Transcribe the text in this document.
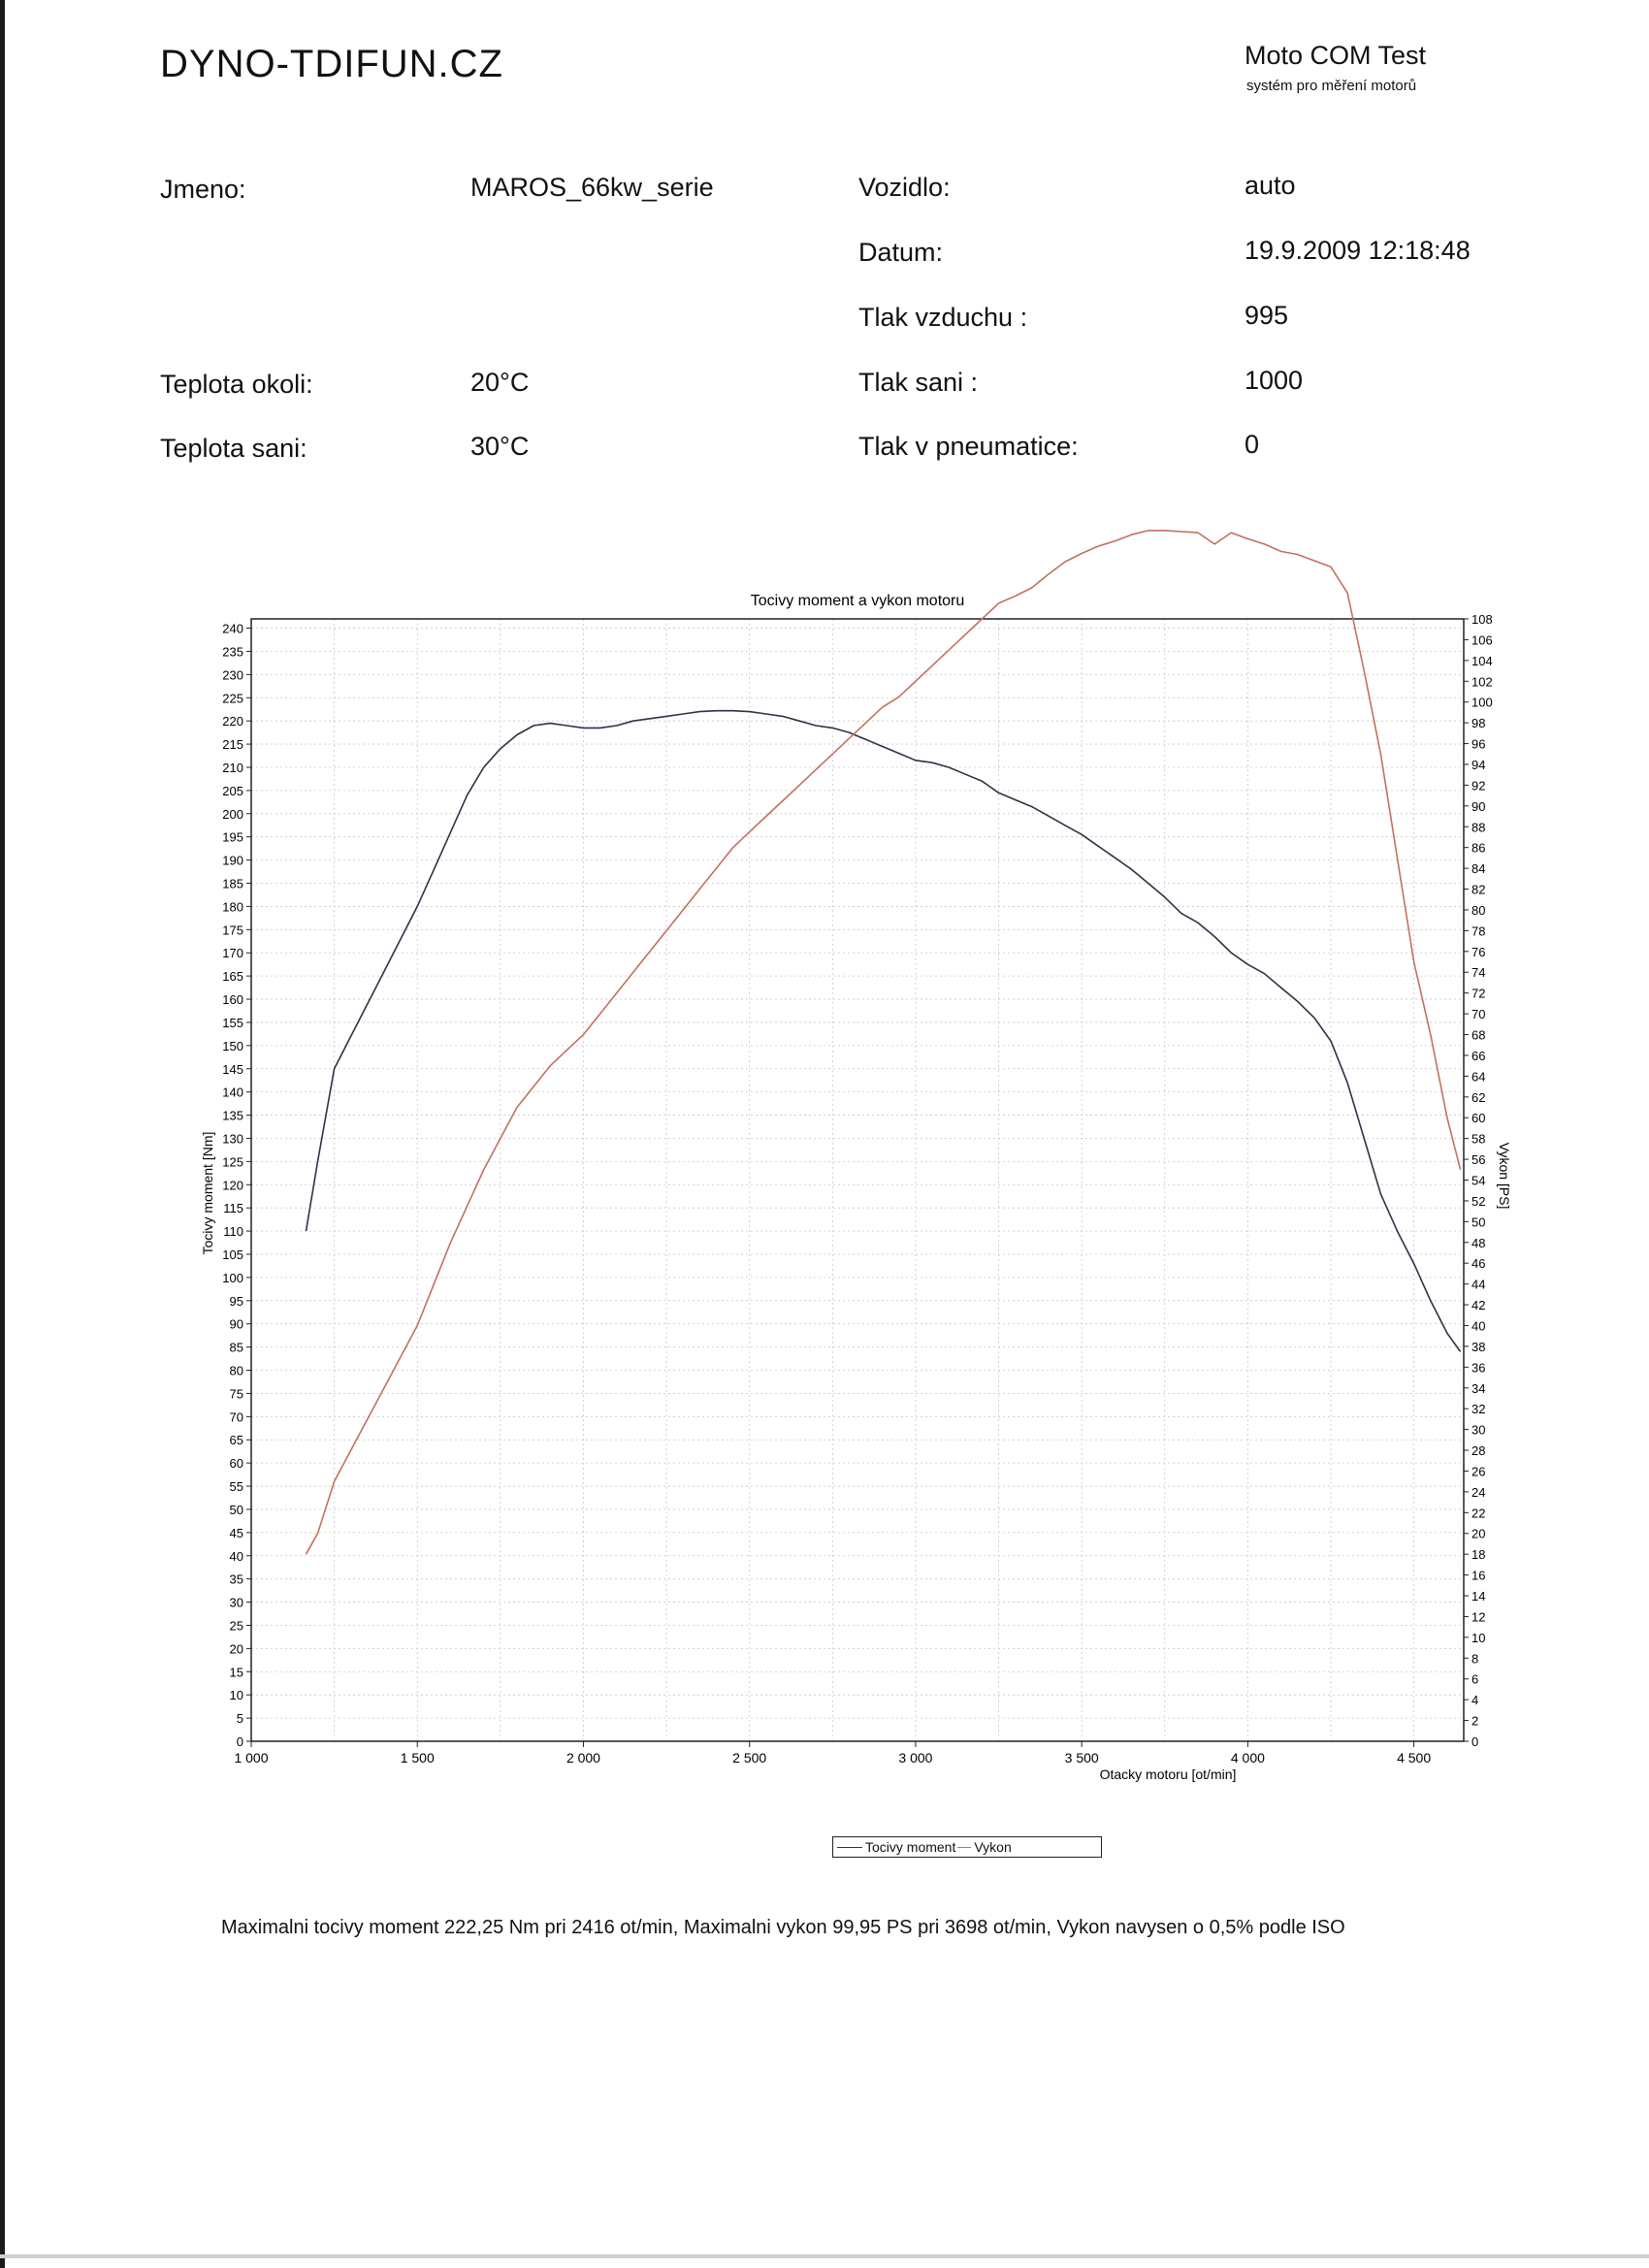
DYNO-TDIFUN.CZ	Moto COM Test
systém pro měření motorů
Jmeno:	MAROS_66kw_serie	Vozidlo:	auto
Datum:	19.9.2009 12:18:48
Tlak vzduchu :	995
Teplota okoli:	20°C	Tlak sani :	1000
Teplota sani:	30°C	Tlak v pneumatice:	0
Tocivy moment a vykon motoru
0
5
10
15
20
25
30
35
40
45
50
55
60
65
70
75
80
85
90
95
100
105
110
115
120
125
130
135
140
145
150
155
160
165
170
175
180
185
190
195
200
205
210
215
220
225
230
235
240
0
2
4
6
8
10
12
14
16
18
20
22
24
26
28
30
32
34
36
38
40
42
44
46
48
50
52
54
56
58
60
62
64
66
68
70
72
74
76
78
80
82
84
86
88
90
92
94
96
98
100
102
104
106
108
1 000	1 500	2 000	2 500	3 000	3 500	4 000	4 500
Otacky motoru [ot/min]
Tocivy moment [Nm]	Vykon [PS]
Tocivy moment Vykon
Maximalni tocivy moment 222,25 Nm pri 2416 ot/min, Maximalni vykon 99,95 PS pri 3698 ot/min, Vykon navysen o 0,5% podle ISO
